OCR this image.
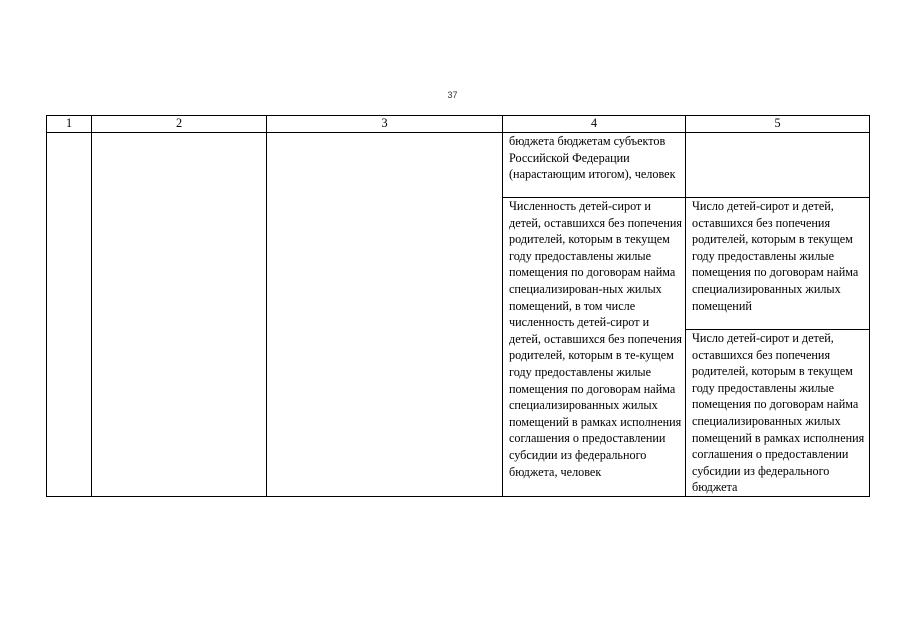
37
1	2	3	4	5
			бюджета бюджетам субъектов Российской Федерации (нарастающим итогом), человек	
			Численность детей-сирот и детей, оставшихся без попечения родителей, которым в текущем году предоставлены жилые помещения по договорам найма специализирован-ных жилых помещений, в том числе численность детей-сирот и детей, оставшихся без попечения родителей, которым в те-кущем году предоставлены жилые помещения по договорам найма специализированных жилых помещений в рамках исполнения соглашения о предоставлении субсидии из федерального бюджета, человек	Число детей-сирот и детей, оставшихся без попечения родителей, которым в текущем году предоставлены жилые помещения по договорам найма специализированных жилых помещений
				Число детей-сирот и детей, оставшихся без попечения родителей, которым в текущем году предоставлены жилые помещения по договорам найма специализированных жилых помещений в рамках исполнения соглашения о предоставлении субсидии из федерального бюджета
